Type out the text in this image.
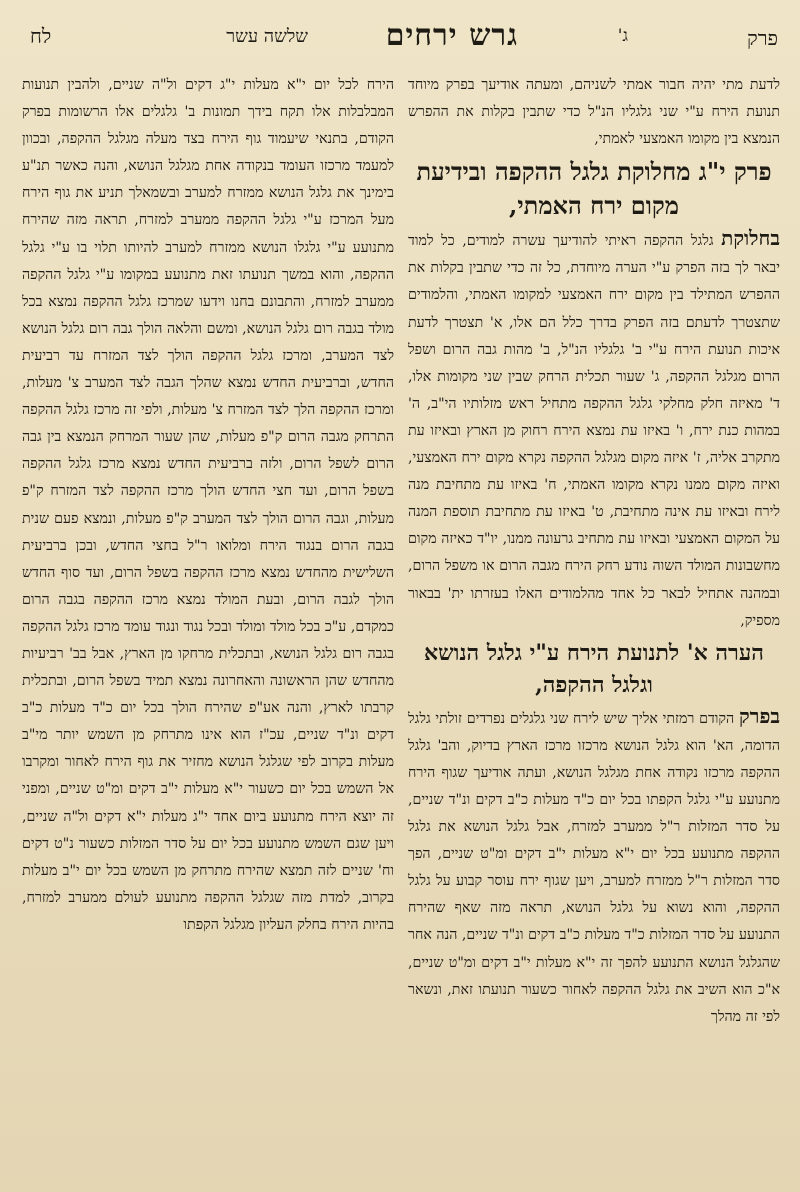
פרק
ג'
גרש ירחים
שלשה עשר
לח

לדעת מתי יהיה חבור אמתי לשניהם, ומעתה אודיעך בפרק מיוחד תנועת הירח ע"י שני גלגליו הנ"ל כדי שתבין בקלות את ההפרש הנמצא בין מקומו האמצעי לאמתי,

פרק י"ג מחלוקת גלגל ההקפה ובידיעת מקום ירח האמתי,

בחלוקת גלגל ההקפה ראיתי להודיעך עשרה למודים, כל למוד יבאר לך בזה הפרק ע"י הערה מיוחדת, כל זה כדי שתבין בקלות את ההפרש המתילד בין מקום ירח האמצעי למקומו האמתי, והלמודים שתצטרך לדעתם בזה הפרק בדרך כלל הם אלו, א' תצטרך לדעת איכות תנועת הירח ע"י ב' גלגליו הנ"ל, ב' מהות גבה הרום ושפל הרום מגלגל ההקפה, ג' שעור תכלית הרחק שבין שני מקומות אלו, ד' מאיזה חלק מחלקי גלגל ההקפה מתחיל ראש מזלותיו הי"ב, ה' במהות כנת ירח, ו' באיזו עת נמצא הירח רחוק מן הארץ ובאיזו עת מתקרב אליה, ז' איזה מקום מגלגל ההקפה נקרא מקום ירח האמצעי, ואיזה מקום ממנו נקרא מקומו האמתי, ח' באיזו עת מתחיבת מנה לירח ובאיזו עת אינה מתחיבת, ט' באיזו עת מתחיבת תוספת המנה על המקום האמצעי ובאיזו עת מתחיב גרעונה ממנו, יו"ד כאיזה מקום מחשבונות המולד השוה נודע רחק הירח מגבה הרום או משפל הרום, ובמהנה אתחיל לבאר כל אחד מהלמודים האלו בעזרתו ית' בבאור מספיק,

הערה א' לתנועת הירח ע"י גלגל הנושא וגלגל ההקפה,

בפרק הקודם רמזתי אליך שיש לירח שני גלגלים נפרדים זולתי גלגל הדומה, הא' הוא גלגל הנושא מרכזו מרכז הארץ בדיוק, והב' גלגל ההקפה מרכזו נקודה אחת מגלגל הנושא, ועתה אודיעך שגוף הירח מתנועע ע"י גלגל הקפתו בכל יום כ"ד מעלות כ"ב דקים ונ"ד שניים, על סדר המזלות ר"ל ממערב למזרח, אבל גלגל הנושא את גלגל ההקפה מתנועע בכל יום י"א מעלות י"ב דקים ומ"ט שניים, הפך סדר המזלות ר"ל ממזרח למערב, ויען שגוף ירח עוסר קבוע על גלגל ההקפה, והוא נשוא על גלגל הנושא, תראה מזה שאף שהירח התנועע על סדר המזלות כ"ד מעלות כ"ב דקים ונ"ד שניים, הנה אחר שהגלגל הנושא התנועע להפך זה י"א מעלות י"ב דקים ומ"ט שניים, א"כ הוא השיב את גלגל ההקפה לאחור כשעור תנועתו זאת, ונשאר לפי זה מהלך

הירח לכל יום י"א מעלות י"ג דקים ול"ה שניים, ולהבין תנועות המבלבלות אלו תקח בידך תמונות ב' גלגלים אלו הרשומות בפרק הקודם, בתנאי שיעמוד גוף הירח בצד מעלה מגלגל ההקפה, ובכוון למעמד מרכזו העומד בנקודה אחת מגלגל הנושא, והנה כאשר תנ"ע בימינך את גלגל הנושא ממזרח למערב ובשמאלך תניע את גוף הירח מעל המרכז ע"י גלגל ההקפה ממערב למזרח, תראה מזה שהירח מתנועע ע"י גלגלו הנושא ממזרח למערב להיותו תלוי בו ע"י גלגל ההקפה, והוא במשך תנועתו זאת מתנועע במקומו ע"י גלגל ההקפה ממערב למזרח, והתבונם בחנו וידעו שמרכז גלגל ההקפה נמצא בכל מולד בגבה רום גלגל הנושא, ומשם והלאה הולך גבה רום גלגל הנושא לצד המערב, ומרכז גלגל ההקפה הולך לצד המזרח עד רביעית החדש, וברביעית החדש נמצא שהלך הגבה לצד המערב צ' מעלות, ומרכז ההקפה הלך לצד המזרח צ' מעלות, ולפי זה מרכז גלגל ההקפה התרחק מגבה הרום ק"פ מעלות, שהן שעור המרחק הנמצא בין גבה הרום לשפל הרום, ולזה ברביעית החדש נמצא מרכז גלגל ההקפה בשפל הרום, ועד חצי החדש הולך מרכז ההקפה לצד המזרח ק"פ מעלות, וגבה הרום הולך לצד המערב ק"פ מעלות, ונמצא פעם שנית בגבה הרום בנגוד הירח ומלואו ר"ל בחצי החדש, ובכן ברביעית השלישית מהחדש נמצא מרכז ההקפה בשפל הרום, ועד סוף החדש הולך לגבה הרום, ובעת המולד נמצא מרכז ההקפה בגבה הרום כמקדם, ע"כ בכל מולד ומולד ובכל נגוד ונגוד עומד מרכז גלגל ההקפה בגבה רום גלגל הנושא, ובתכלית מרחקו מן הארץ, אבל בב' רביעיות מהחדש שהן הראשונה והאחרונה נמצא תמיד בשפל הרום, ובתכלית קרבתו לארץ, והנה אע"פ שהירח הולך בכל יום כ"ד מעלות כ"ב דקים ונ"ד שניים, עכ"ז הוא אינו מתרחק מן השמש יותר מי"ב מעלות בקרוב לפי שגלגל הנושא מחזיר את גוף הירח לאחור ומקרבו אל השמש בכל יום כשעור י"א מעלות י"ב דקים ומ"ט שניים, ומפני זה יוצא הירח מתנועע ביום אחד י"ג מעלות י"א דקים ול"ה שניים, ויען שגם השמש מתנועע בכל יום על סדר המזלות כשעור נ"ט דקים וח' שניים לזה תמצא שהירח מתרחק מן השמש בכל יום י"ב מעלות בקרוב, למדת מזה שגלגל ההקפה מתנועע לעולם ממערב למזרח, בהיות הירח בחלק העליון מגלגל הקפתו
